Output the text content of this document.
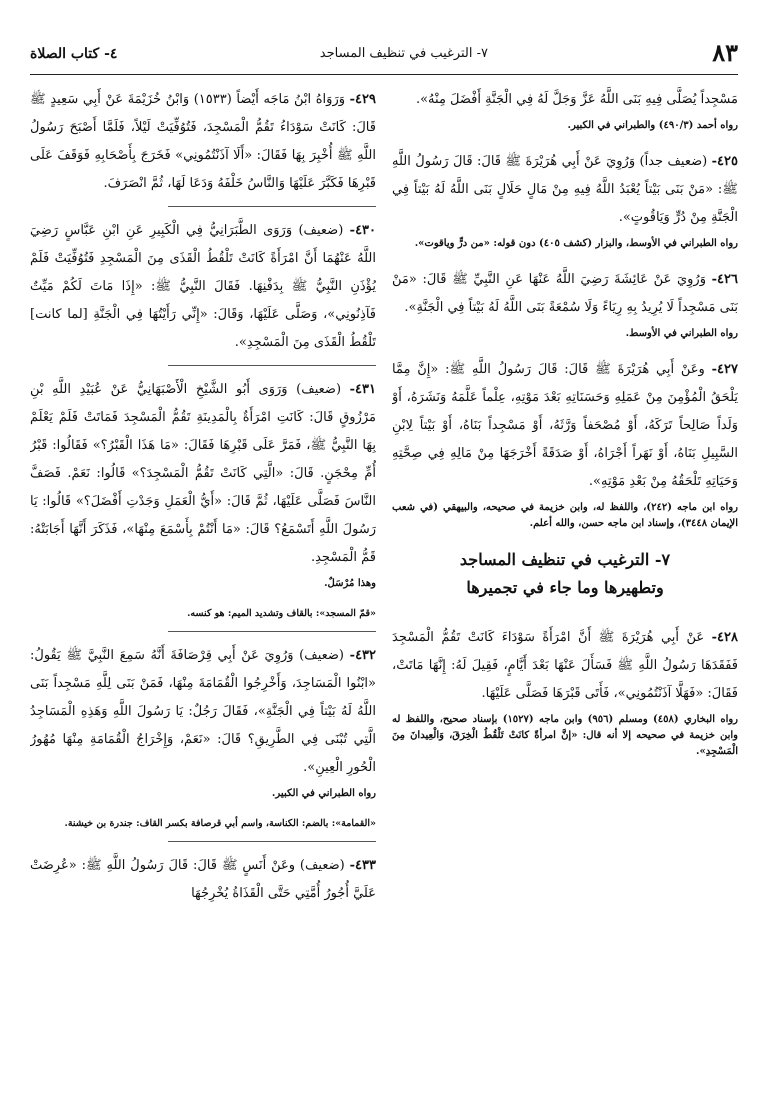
٨٣
٧- الترغيب في تنظيف المساجد
٤- كتاب الصلاة

مَسْجِداً يُصَلَّى فِيهِ بَنَى اللَّهُ عَزَّ وَجَلَّ لَهُ فِي الْجَنَّةِ أَفْضَلَ مِنْهُ».

رواه أحمد (٤٩٠/٣) والطبراني في الكبير.

٤٢٥- (ضعيف جداً) وَرُوِيَ عَنْ أَبِي هُرَيْرَةَ ﷺ قَالَ: قَالَ رَسُولُ اللَّهِ ﷺ: «مَنْ بَنَى بَيْتاً يُعْبَدُ اللَّهُ فِيهِ مِنْ مَالٍ حَلَالٍ بَنَى اللَّهُ لَهُ بَيْتاً فِي الْجَنَّةِ مِنْ دُرٍّ وَيَاقُوتٍ».

رواه الطبراني في الأوسط، والبزار (كشف ٤٠٥) دون قوله: «من درٍّ وياقوت».

٤٢٦- وَرُوِيَ عَنْ عَائِشَةَ رَضِيَ اللَّهُ عَنْهَا عَنِ النَّبِيِّ ﷺ قَالَ: «مَنْ بَنَى مَسْجِداً لَا يُرِيدُ بِهِ رِيَاءً وَلَا سُمْعَةً بَنَى اللَّهُ لَهُ بَيْتاً فِي الْجَنَّةِ».

رواه الطبراني في الأوسط.

٤٢٧- وعَنْ أَبِي هُرَيْرَةَ ﷺ قَالَ: قَالَ رَسُولُ اللَّهِ ﷺ: «إِنَّ مِمَّا يَلْحَقُ الْمُؤْمِنَ مِنْ عَمَلِهِ وَحَسَنَاتِهِ بَعْدَ مَوْتِهِ، عِلْماً عَلَّمَهُ وَنَشَرَهُ، أَوْ وَلَداً صَالِحاً تَرَكَهُ، أَوْ مُصْحَفاً وَرَّثَهُ، أَوْ مَسْجِداً بَنَاهُ، أَوْ بَيْتاً لِابْنِ السَّبِيلِ بَنَاهُ، أَوْ نَهَراً أَجْرَاهُ، أَوْ صَدَقَةً أَخْرَجَهَا مِنْ مَالِهِ فِي صِحَّتِهِ وَحَيَاتِهِ تَلْحَقُهُ مِنْ بَعْدِ مَوْتِهِ».

رواه ابن ماجه (٢٤٢)، واللفظ له، وابن خزيمة في صحيحه، والبيهقي (في شعب الإيمان ٣٤٤٨)، وإسناد ابن ماجه حسن، والله أعلم.

٧- الترغيب في تنظيف المساجد
وتطهيرها وما جاء في تجميرها

٤٢٨- عَنْ أَبِي هُرَيْرَةَ ﷺ أَنَّ امْرَأَةً سَوْدَاءَ كَانَتْ تَقُمُّ الْمَسْجِدَ فَفَقَدَهَا رَسُولُ اللَّهِ ﷺ فَسَأَلَ عَنْهَا بَعْدَ أَيَّامٍ، فَقِيلَ لَهُ: إِنَّهَا مَاتَتْ، فَقَالَ: «فَهَلَّا آذَنْتُمُونِي»، فَأَتَى قَبْرَهَا فَصَلَّى عَلَيْهَا.

رواه البخاري (٤٥٨) ومسلم (٩٥٦) وابن ماجه (١٥٢٧) بإسناد صحيح، واللفظ له وابن خزيمة في صحيحه إلا أنه قال: «إنَّ امرأةً كانَتْ تَلْقُطُ الْخِرَقَ، وَالْعِيدانَ مِنَ الْمَسْجِدِ».

٤٢٩- وَرَوَاهُ ابْنُ مَاجَه أَيْضاً (١٥٣٣) وَابْنُ خُزَيْمَةَ عَنْ أَبِي سَعِيدٍ ﷺ قَالَ: كَانَتْ سَوْدَاءُ تَقُمُّ الْمَسْجِدَ، فَتُوُفِّيَتْ لَيْلاً، فَلَمَّا أَصْبَحَ رَسُولُ اللَّهِ ﷺ أُخْبِرَ بِهَا فَقَالَ: «أَلَا آذَنْتُمُونِي» فَخَرَجَ بِأَصْحَابِهِ فَوَقَفَ عَلَى قَبْرِهَا فَكَبَّرَ عَلَيْهَا وَالنَّاسُ خَلْفَهُ وَدَعَا لَهَا، ثُمَّ انْصَرَفَ.

٤٣٠- (ضعيف) وَرَوَى الطَّبَرَانِيُّ فِي الْكَبِيرِ عَنِ ابْنِ عَبَّاسٍ رَضِيَ اللَّهُ عَنْهُمَا أَنَّ امْرَأَةً كَانَتْ تَلْقُطُ الْقَذَى مِنَ الْمَسْجِدِ فَتُوُفِّيَتْ فَلَمْ يُؤْذَنِ النَّبِيُّ ﷺ بِدَفْنِهَا. فَقَالَ النَّبِيُّ ﷺ: «إِذَا مَاتَ لَكُمْ مَيِّتٌ فَآذِنُونِي»، وَصَلَّى عَلَيْهَا، وَقَالَ: «إِنِّي رَأَيْتُهَا فِي الْجَنَّةِ [لما كانت] تَلْقُطُ الْقَذَى مِنَ الْمَسْجِدِ».

٤٣١- (ضعيف) وَرَوَى أَبُو الشَّيْخِ الْأَصْبَهَانِيُّ عَنْ عُبَيْدِ اللَّهِ بْنِ مَرْزُوقٍ قَالَ: كَانَتِ امْرَأَةٌ بِالْمَدِينَةِ تَقُمُّ الْمَسْجِدَ فَمَاتَتْ فَلَمْ يَعْلَمْ بِهَا النَّبِيُّ ﷺ، فَمَرَّ عَلَى قَبْرِهَا فَقَالَ: «مَا هَذَا الْقَبْرُ؟» فَقَالُوا: قَبْرُ أُمِّ مِحْجَنٍ. قَالَ: «الَّتِي كَانَتْ تَقُمُّ الْمَسْجِدَ؟» قَالُوا: نَعَمْ. فَصَفَّ النَّاسَ فَصَلَّى عَلَيْهَا، ثُمَّ قَالَ: «أَيُّ الْعَمَلِ وَجَدْتِ أَفْضَلَ؟» قَالُوا: يَا رَسُولَ اللَّهِ أَتَسْمَعُ؟ قَالَ: «مَا أَنْتُمْ بِأَسْمَعَ مِنْهَا»، فَذَكَرَ أَنَّهَا أَجَابَتْهُ: قَمُّ الْمَسْجِدِ.

وهذا مُرْسَلٌ.

«قمّ المسجد»: بالقاف وتشديد الميم: هو كنسه.

٤٣٢- (ضعيف) وَرُوِيَ عَنْ أَبِي قِرْصَافَةَ أَنَّهُ سَمِعَ النَّبِيَّ ﷺ يَقُولُ: «ابْنُوا الْمَسَاجِدَ، وَأَخْرِجُوا الْقُمَامَةَ مِنْهَا، فَمَنْ بَنَى لِلَّهِ مَسْجِداً بَنَى اللَّهُ لَهُ بَيْتاً فِي الْجَنَّةِ»، فَقَالَ رَجُلٌ: يَا رَسُولَ اللَّهِ وَهَذِهِ الْمَسَاجِدُ الَّتِي تُبْنَى فِي الطَّرِيقِ؟ قَالَ: «نَعَمْ، وَإِخْرَاجُ الْقُمَامَةِ مِنْهَا مُهُورُ الْحُورِ الْعِينِ».

رواه الطبراني في الكبير.

«القمامة»: بالضم: الكناسة، واسم أبي قرصافة بكسر القاف: جندرة بن خيشنة.

٤٣٣- (ضعيف) وعَنْ أَنَسٍ ﷺ قَالَ: قَالَ رَسُولُ اللَّهِ ﷺ: «عُرِضَتْ عَلَيَّ أُجُورُ أُمَّتِي حَتَّى الْقَذَاةُ يُخْرِجُهَا
